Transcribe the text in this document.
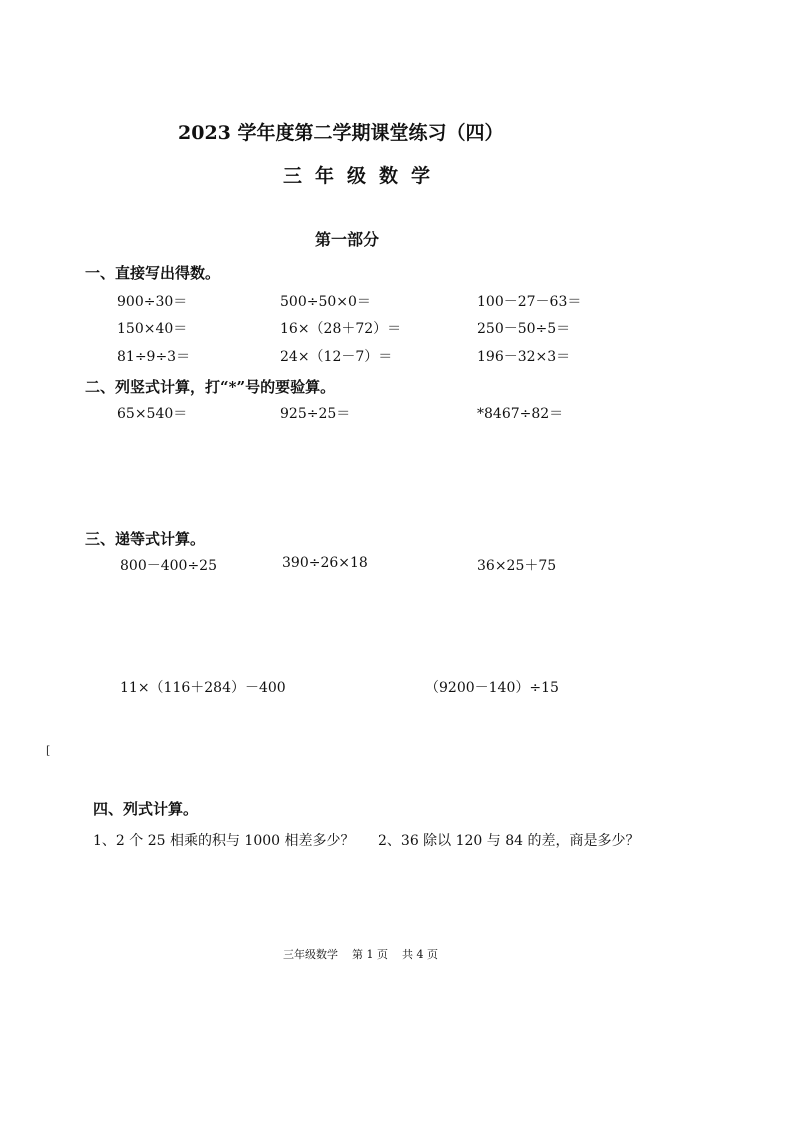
2023 学年度第二学期课堂练习（四）
三年级数学
第一部分
一、直接写出得数。
900÷30＝	500÷50×0＝	100－27－63＝
150×40＝	16×（28＋72）＝	250－50÷5＝
81÷9÷3＝	24×（12－7）＝	196－32×3＝
二、列竖式计算，打“*”号的要验算。
65×540＝	925÷25＝	*8467÷82＝
三、递等式计算。
800－400÷25	390÷26×18	36×25＋75
11×（116＋284）－400	（9200－140）÷15
[
四、列式计算。
1、2 个 25 相乘的积与 1000 相差多少？ 2、36 除以 120 与 84 的差，商是多少？
三年级数学    第 1 页    共 4 页
